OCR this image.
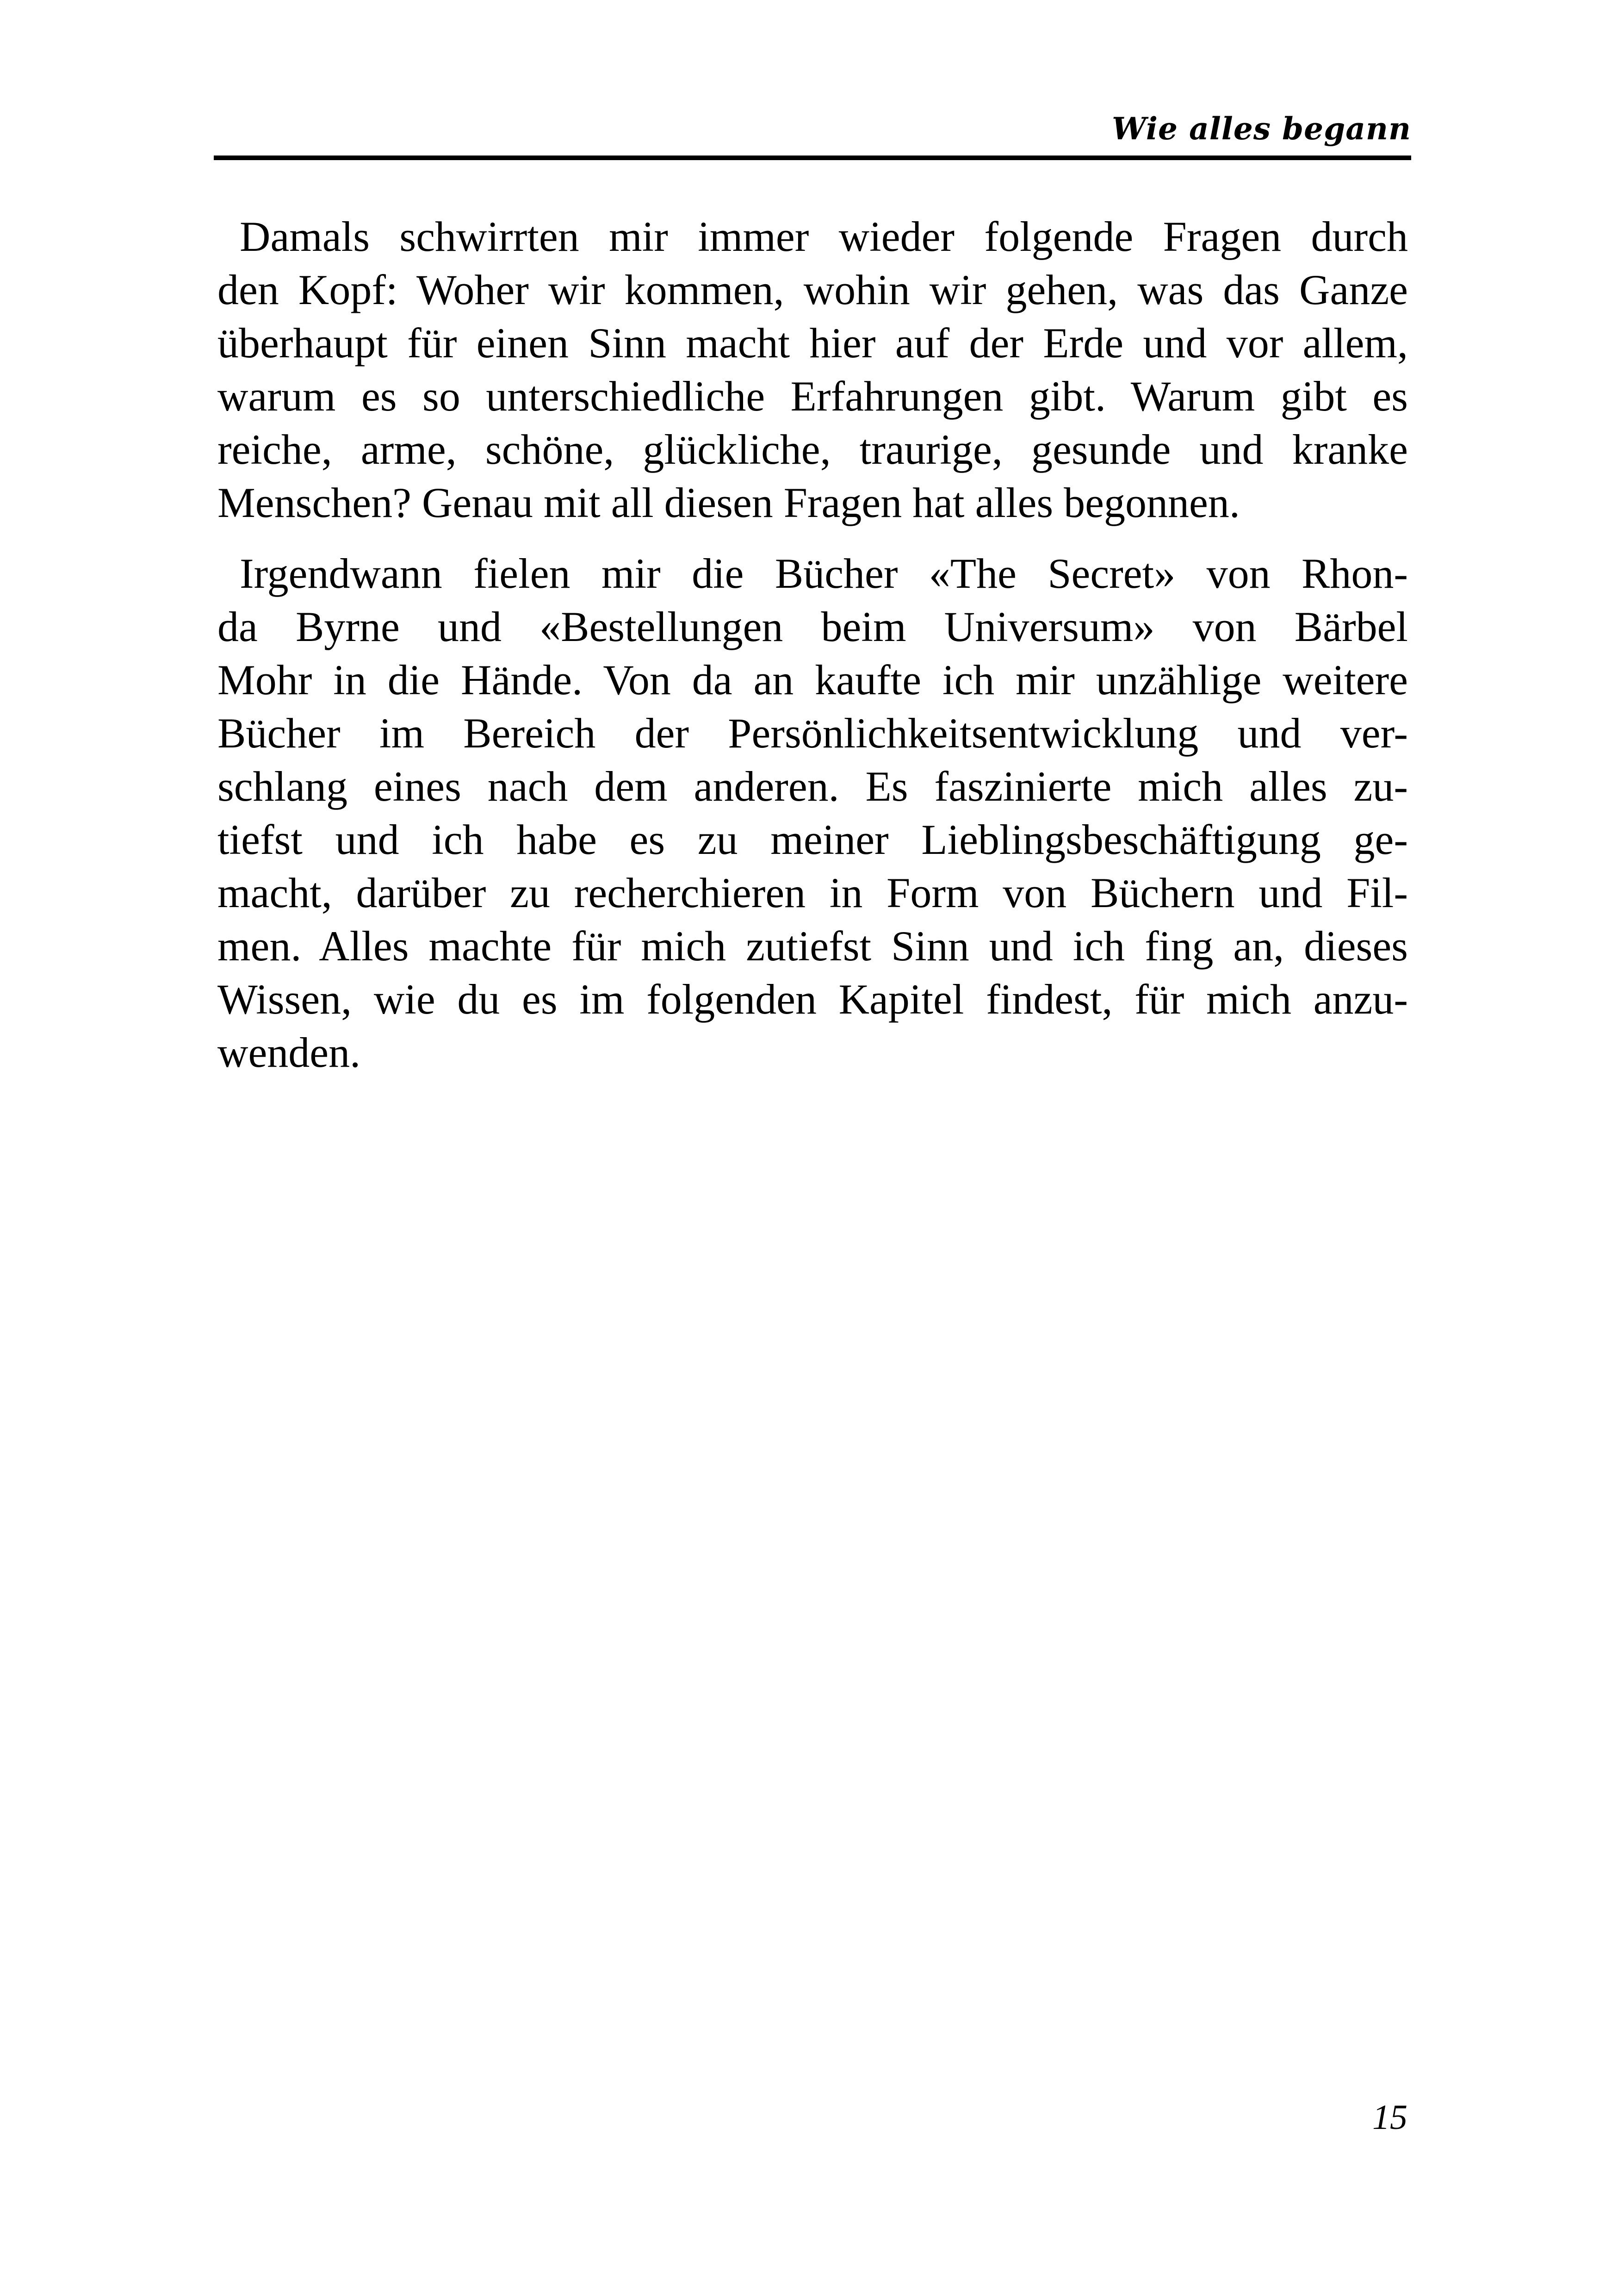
Wie alles begann

Damals schwirrten mir immer wieder folgende Fragen durch
den Kopf: Woher wir kommen, wohin wir gehen, was das Ganze
überhaupt für einen Sinn macht hier auf der Erde und vor allem,
warum es so unterschiedliche Erfahrungen gibt. Warum gibt es
reiche, arme, schöne, glückliche, traurige, gesunde und kranke
Menschen? Genau mit all diesen Fragen hat alles begonnen.

Irgendwann fielen mir die Bücher «The Secret» von Rhon-
da Byrne und «Bestellungen beim Universum» von Bärbel
Mohr in die Hände. Von da an kaufte ich mir unzählige weitere
Bücher im Bereich der Persönlichkeitsentwicklung und ver-
schlang eines nach dem anderen. Es faszinierte mich alles zu-
tiefst und ich habe es zu meiner Lieblingsbeschäftigung ge-
macht, darüber zu recherchieren in Form von Büchern und Fil-
men. Alles machte für mich zutiefst Sinn und ich fing an, dieses
Wissen, wie du es im folgenden Kapitel findest, für mich anzu-
wenden.

15
